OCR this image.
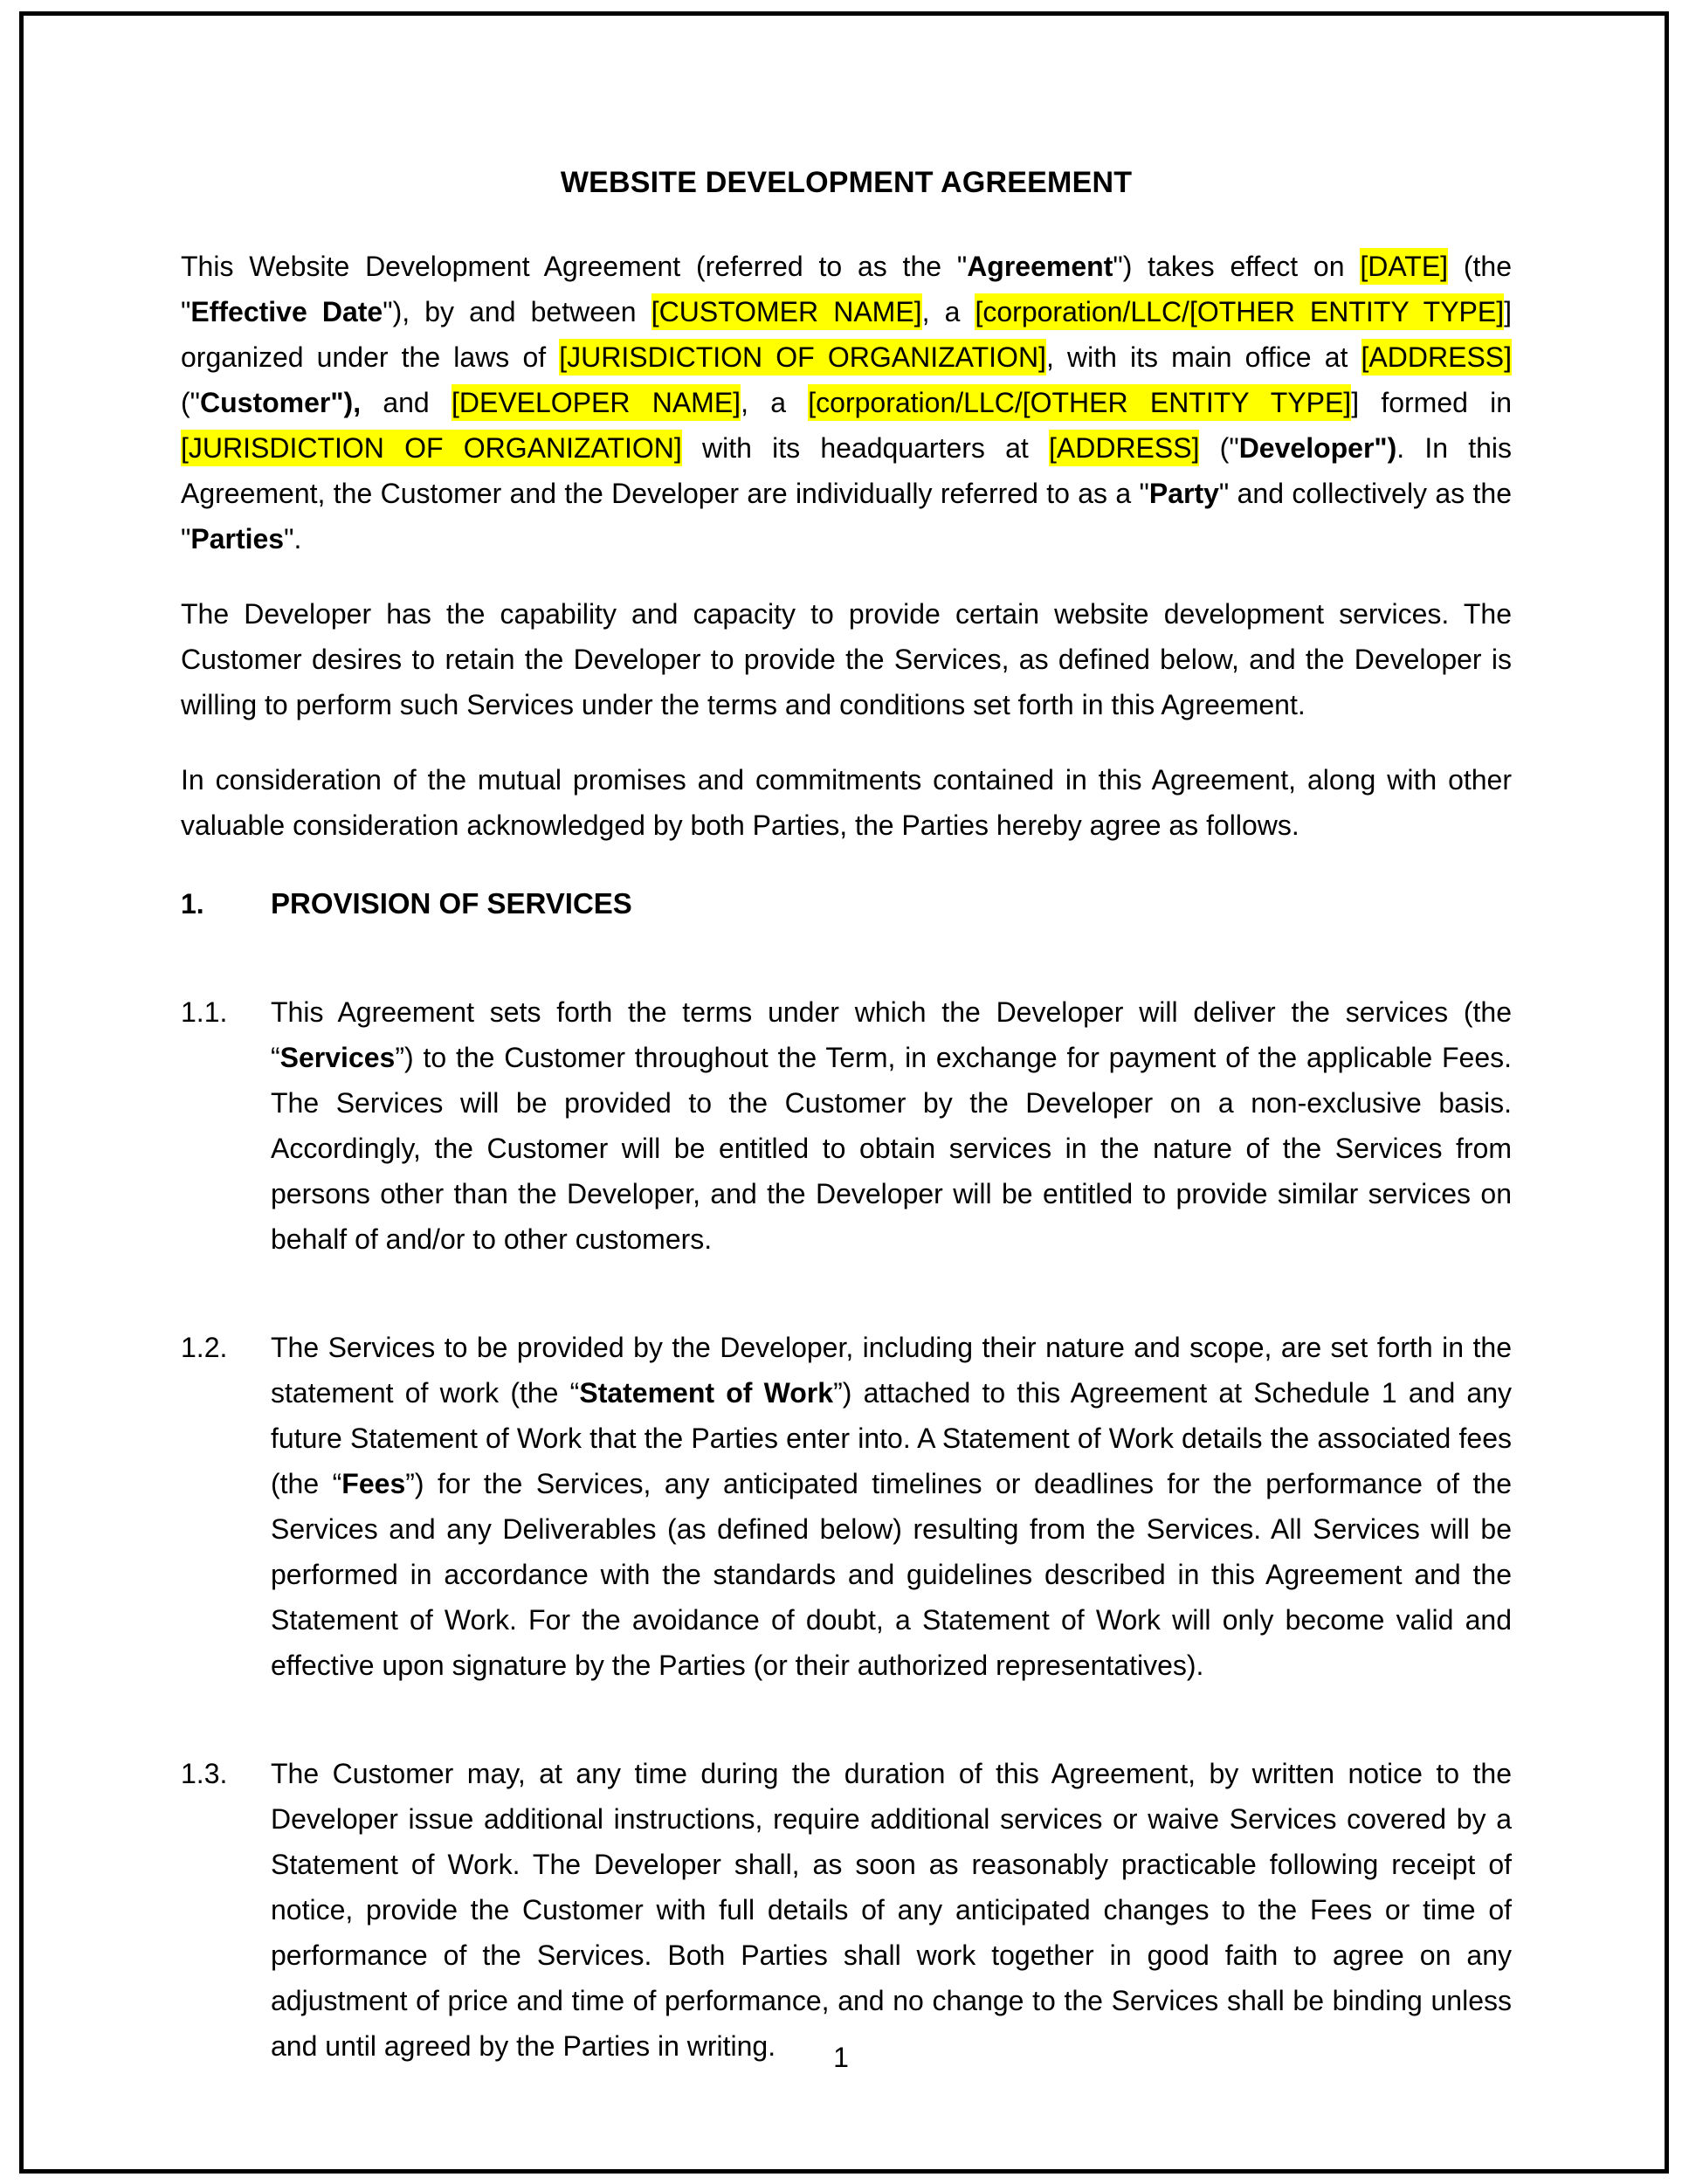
WEBSITE DEVELOPMENT AGREEMENT

This Website Development Agreement (referred to as the "Agreement") takes effect on [DATE] (the "Effective Date"), by and between [CUSTOMER NAME], a [corporation/LLC/[OTHER ENTITY TYPE]] organized under the laws of [JURISDICTION OF ORGANIZATION], with its main office at [ADDRESS] ("Customer"), and [DEVELOPER NAME], a [corporation/LLC/[OTHER ENTITY TYPE]] formed in [JURISDICTION OF ORGANIZATION] with its headquarters at [ADDRESS] ("Developer"). In this Agreement, the Customer and the Developer are individually referred to as a "Party" and collectively as the "Parties".

The Developer has the capability and capacity to provide certain website development services. The Customer desires to retain the Developer to provide the Services, as defined below, and the Developer is willing to perform such Services under the terms and conditions set forth in this Agreement.

In consideration of the mutual promises and commitments contained in this Agreement, along with other valuable consideration acknowledged by both Parties, the Parties hereby agree as follows.

1.	PROVISION OF SERVICES
1.1.	This Agreement sets forth the terms under which the Developer will deliver the services (the “Services”) to the Customer throughout the Term, in exchange for payment of the applicable Fees. The Services will be provided to the Customer by the Developer on a non-exclusive basis. Accordingly, the Customer will be entitled to obtain services in the nature of the Services from persons other than the Developer, and the Developer will be entitled to provide similar services on behalf of and/or to other customers.
1.2.	The Services to be provided by the Developer, including their nature and scope, are set forth in the statement of work (the “Statement of Work”) attached to this Agreement at Schedule 1 and any future Statement of Work that the Parties enter into. A Statement of Work details the associated fees (the “Fees”) for the Services, any anticipated timelines or deadlines for the performance of the Services and any Deliverables (as defined below) resulting from the Services. All Services will be performed in accordance with the standards and guidelines described in this Agreement and the Statement of Work. For the avoidance of doubt, a Statement of Work will only become valid and effective upon signature by the Parties (or their authorized representatives).
1.3.	The Customer may, at any time during the duration of this Agreement, by written notice to the Developer issue additional instructions, require additional services or waive Services covered by a Statement of Work. The Developer shall, as soon as reasonably practicable following receipt of notice, provide the Customer with full details of any anticipated changes to the Fees or time of performance of the Services. Both Parties shall work together in good faith to agree on any adjustment of price and time of performance, and no change to the Services shall be binding unless and until agreed by the Parties in writing.	1
